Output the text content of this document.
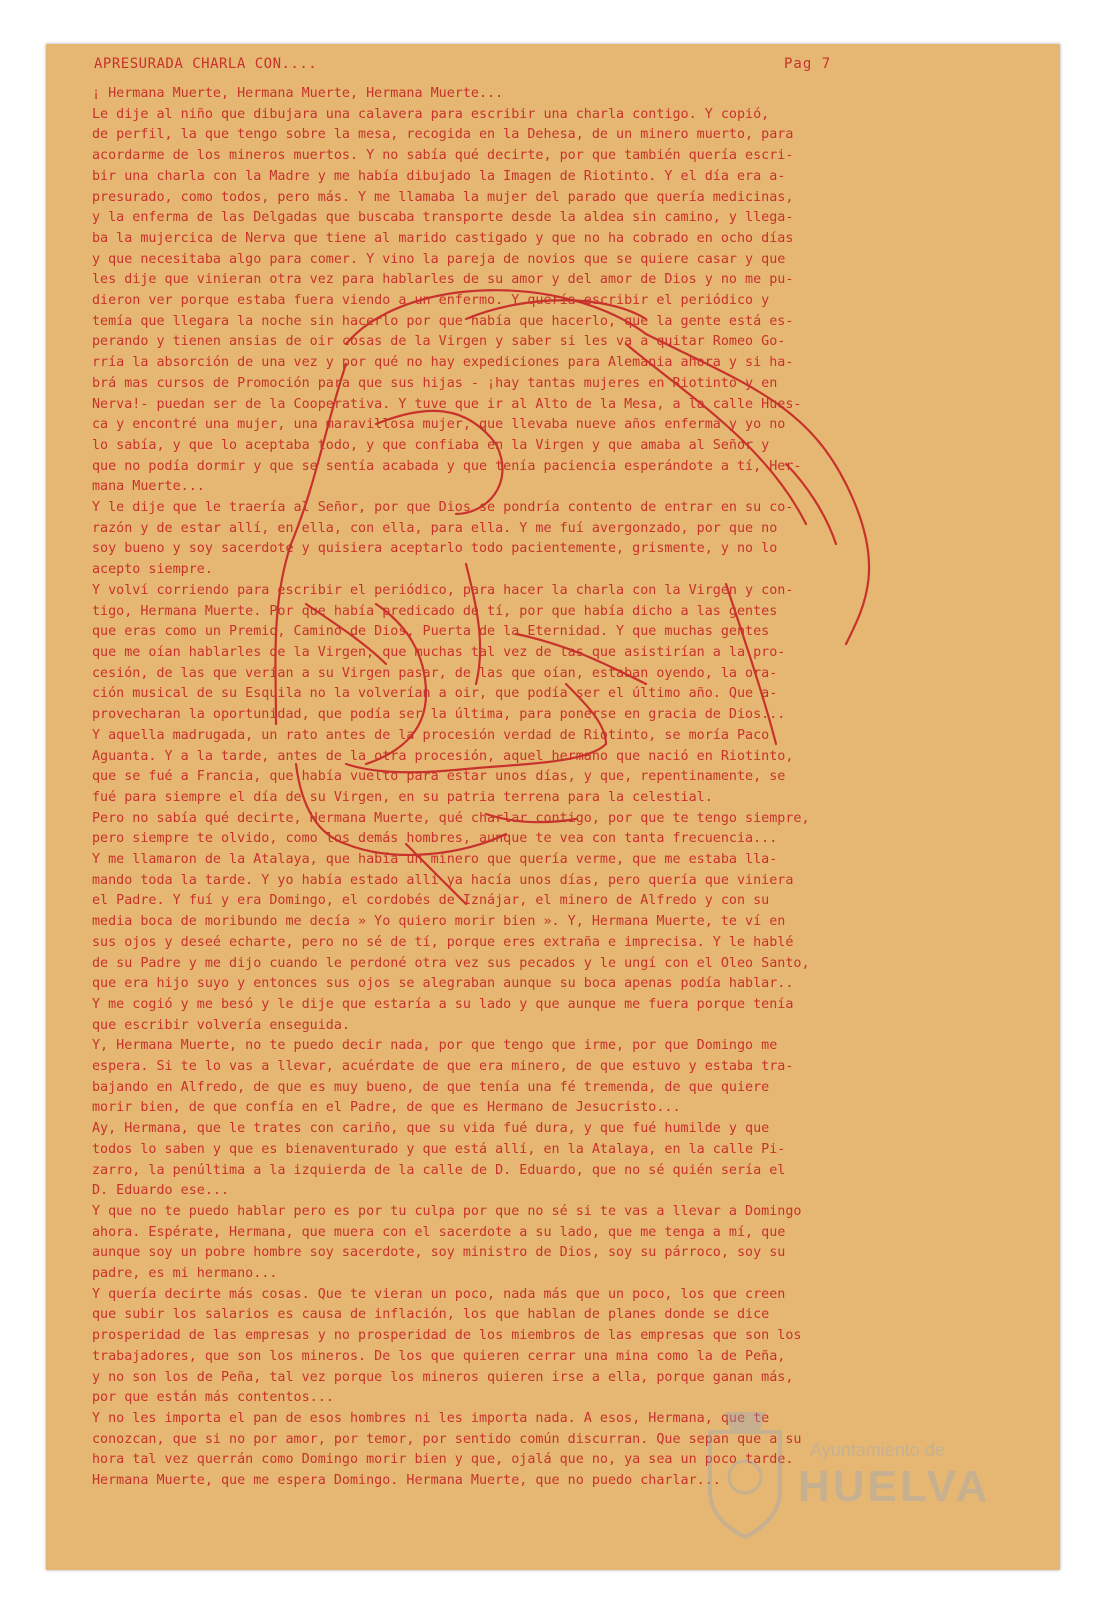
APRESURADA CHARLA CON....	Pag 7
¡ Hermana Muerte, Hermana Muerte, Hermana Muerte...
Le dije al niño que dibujara una calavera para escribir una charla contigo. Y copió,
de perfil, la que tengo sobre la mesa, recogida en la Dehesa, de un minero muerto, para
acordarme de los mineros muertos. Y no sabía qué decirte, por que también quería escri-
bir una charla con la Madre y me había dibujado la Imagen de Riotinto. Y el día era a-
presurado, como todos, pero más. Y me llamaba la mujer del parado que quería medicinas,
y la enferma de las Delgadas que buscaba transporte desde la aldea sin camino, y llega-
ba la mujercica de Nerva que tiene al marido castigado y que no ha cobrado en ocho días
y que necesitaba algo para comer. Y vino la pareja de novios que se quiere casar y que
les dije que vinieran otra vez para hablarles de su amor y del amor de Dios y no me pu-
dieron ver porque estaba fuera viendo a un enfermo. Y quería escribir el periódico y
temía que llegara la noche sin hacerlo por que había que hacerlo, que la gente está es-
perando y tienen ansias de oir cosas de la Virgen y saber si les va a quitar Romeo Go-
rría la absorción de una vez y por qué no hay expediciones para Alemania ahora y si ha-
brá mas cursos de Promoción para que sus hijas - ¡hay tantas mujeres en Riotinto y en
Nerva!- puedan ser de la Cooperativa. Y tuve que ir al Alto de la Mesa, a la calle Hues-
ca y encontré una mujer, una maravillosa mujer, que llevaba nueve años enferma y yo no
lo sabía, y que lo aceptaba todo, y que confiaba en la Virgen y que amaba al Señor y
que no podía dormir y que se sentía acabada y que tenía paciencia esperándote a tí, Her-
mana Muerte...
Y le dije que le traería al Señor, por que Dios se pondría contento de entrar en su co-
razón y de estar allí, en ella, con ella, para ella. Y me fuí avergonzado, por que no
soy bueno y soy sacerdote y quisiera aceptarlo todo pacientemente, grismente, y no lo
acepto siempre.
Y volví corriendo para escribir el periódico, para hacer la charla con la Virgen y con-
tigo, Hermana Muerte. Por que había predicado de tí, por que había dicho a las gentes
que eras como un Premio, Camino de Dios, Puerta de la Eternidad. Y que muchas gentes
que me oían hablarles de la Virgen, que muchas tal vez de las que asistirían a la pro-
cesión, de las que verían a su Virgen pasar, de las que oían, estaban oyendo, la ora-
ción musical de su Esquila no la volverían a oir, que podía ser el último año. Que a-
provecharan la oportunidad, que podía ser la última, para ponerse en gracia de Dios...
Y aquella madrugada, un rato antes de la procesión verdad de Riotinto, se moría Paco
Aguanta. Y a la tarde, antes de la otra procesión, aquel hermano que nació en Riotinto,
que se fué a Francia, que había vuelto para estar unos días, y que, repentinamente, se
fué para siempre el día de su Virgen, en su patria terrena para la celestial.
Pero no sabía qué decirte, Hermana Muerte, qué charlar contigo, por que te tengo siempre,
pero siempre te olvido, como los demás hombres, aunque te vea con tanta frecuencia...
Y me llamaron de la Atalaya, que había un minero que quería verme, que me estaba lla-
mando toda la tarde. Y yo había estado allí ya hacía unos días, pero quería que viniera
el Padre. Y fuí y era Domingo, el cordobés de Iznájar, el minero de Alfredo y con su
media boca de moribundo me decía » Yo quiero morir bien ». Y, Hermana Muerte, te ví en
sus ojos y deseé echarte, pero no sé de tí, porque eres extraña e imprecisa. Y le hablé
de su Padre y me dijo cuando le perdoné otra vez sus pecados y le ungí con el Oleo Santo,
que era hijo suyo y entonces sus ojos se alegraban aunque su boca apenas podía hablar..
Y me cogió y me besó y le dije que estaría a su lado y que aunque me fuera porque tenía
que escribir volvería enseguida.
Y, Hermana Muerte, no te puedo decir nada, por que tengo que irme, por que Domingo me
espera. Si te lo vas a llevar, acuérdate de que era minero, de que estuvo y estaba tra-
bajando en Alfredo, de que es muy bueno, de que tenía una fé tremenda, de que quiere
morir bien, de que confía en el Padre, de que es Hermano de Jesucristo...
Ay, Hermana, que le trates con cariño, que su vida fué dura, y que fué humilde y que
todos lo saben y que es bienaventurado y que está allí, en la Atalaya, en la calle Pi-
zarro, la penúltima a la izquierda de la calle de D. Eduardo, que no sé quién sería el
D. Eduardo ese...
Y que no te puedo hablar pero es por tu culpa por que no sé si te vas a llevar a Domingo
ahora. Espérate, Hermana, que muera con el sacerdote a su lado, que me tenga a mí, que
aunque soy un pobre hombre soy sacerdote, soy ministro de Dios, soy su párroco, soy su
padre, es mi hermano...
Y quería decirte más cosas. Que te vieran un poco, nada más que un poco, los que creen
que subir los salarios es causa de inflación, los que hablan de planes donde se dice
prosperidad de las empresas y no prosperidad de los miembros de las empresas que son los
trabajadores, que son los mineros. De los que quieren cerrar una mina como la de Peña,
y no son los de Peña, tal vez porque los mineros quieren irse a ella, porque ganan más,
por que están más contentos...
Y no les importa el pan de esos hombres ni les importa nada. A esos, Hermana, que te
conozcan, que si no por amor, por temor, por sentido común discurran. Que sepan que a su
hora tal vez querrán como Domingo morir bien y que, ojalá que no, ya sea un poco tarde.
Hermana Muerte, que me espera Domingo. Hermana Muerte, que no puedo charlar...
Ayuntamiento de
HUELVA
